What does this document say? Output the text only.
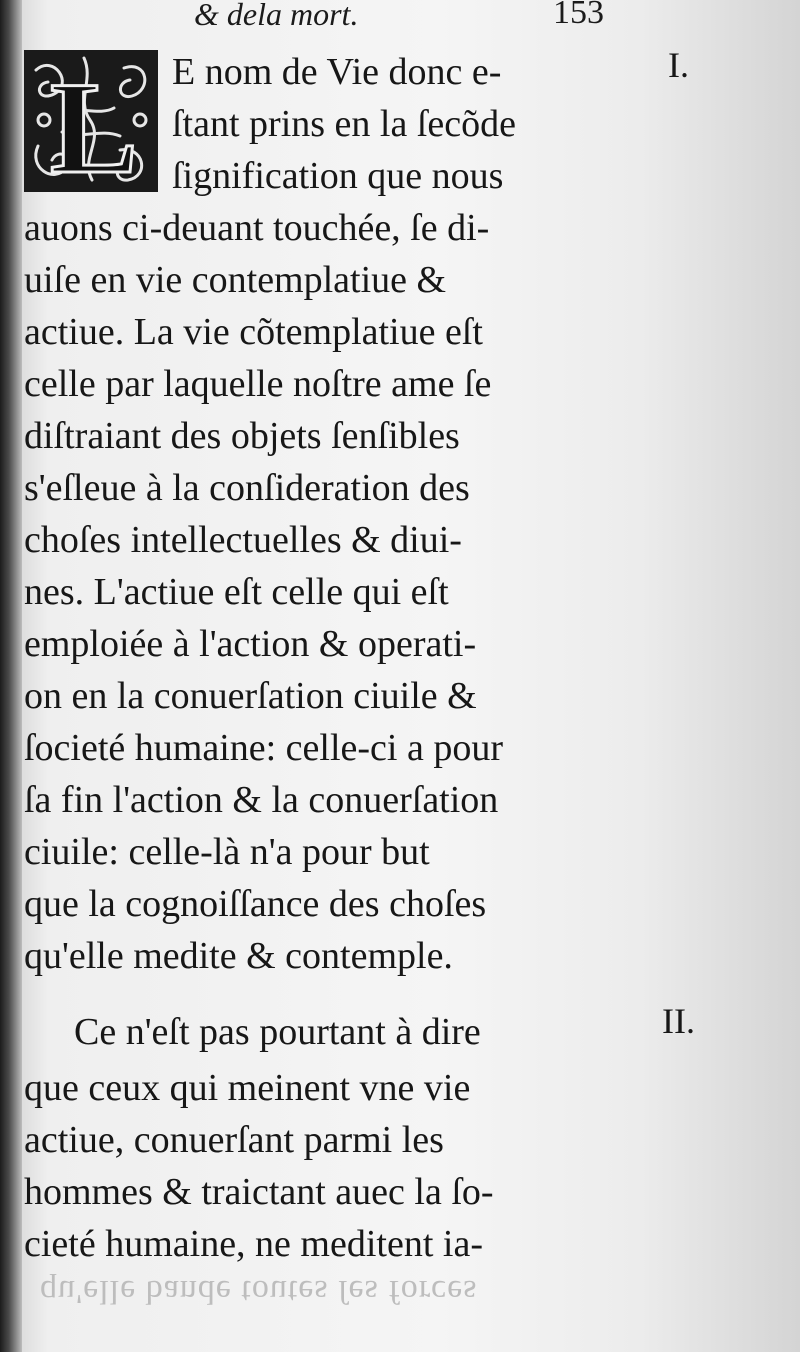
qu'elle bande toutes ſes forces
& dela mort.	153
L E nom de Vie donc e-
ſtant prins en la ſecõde
ſignification que nous
auons ci-deuant touchée, ſe di-
uiſe en vie contemplatiue &
actiue. La vie cõtemplatiue eſt
celle par laquelle noſtre ame ſe
diſtraiant des objets ſenſibles
s'eſleue à la conſideration des
choſes intellectuelles & diui-
nes. L'actiue eſt celle qui eſt
emploiée à l'action & operati-
on en la conuerſation ciuile &
ſocieté humaine: celle-ci a pour
ſa fin l'action & la conuerſation
ciuile: celle-là n'a pour but
que la cognoiſſance des choſes
qu'elle medite & contemple.
Ce n'eſt pas pourtant à dire
que ceux qui meinent vne vie
actiue, conuerſant parmi les
hommes & traictant auec la ſo-
cieté humaine, ne meditent ia-
I.
II.
